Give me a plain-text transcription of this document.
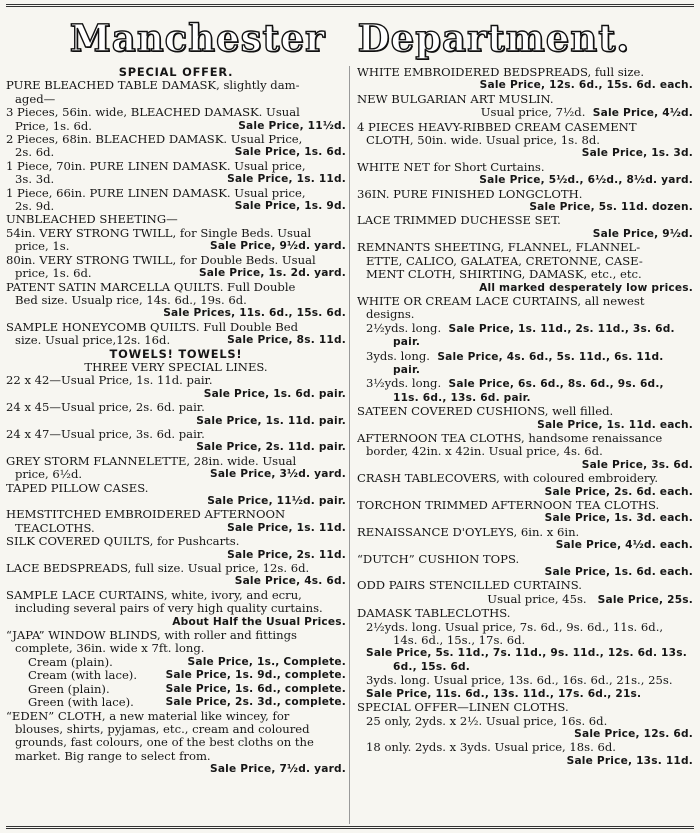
Manchester Department.
SPECIAL OFFER.
PURE BLEACHED TABLE DAMASK, slightly dam-
aged—
3 Pieces, 56in. wide, BLEACHED DAMASK. Usual
Price, 1s. 6d.	Sale Price, 11½d.
2 Pieces, 68in. BLEACHED DAMASK. Usual Price,
2s. 6d.	Sale Price, 1s. 6d.
1 Piece, 70in. PURE LINEN DAMASK. Usual price,
3s. 3d.	Sale Price, 1s. 11d.
1 Piece, 66in. PURE LINEN DAMASK. Usual price,
2s. 9d.	Sale Price, 1s. 9d.
UNBLEACHED SHEETING—
54in. VERY STRONG TWILL, for Single Beds. Usual
price, 1s.	Sale Price, 9½d. yard.
80in. VERY STRONG TWILL, for Double Beds. Usual
price, 1s. 6d.	Sale Price, 1s. 2d. yard.
PATENT SATIN MARCELLA QUILTS. Full Double
Bed size. Usualp rice, 14s. 6d., 19s. 6d.
Sale Prices, 11s. 6d., 15s. 6d.
SAMPLE HONEYCOMB QUILTS. Full Double Bed
size. Usual price,12s. 16d.	Sale Price, 8s. 11d.
TOWELS! TOWELS!
THREE VERY SPECIAL LINES.
22 x 42—Usual Price, 1s. 11d. pair.
Sale Price, 1s. 6d. pair.
24 x 45—Usual price, 2s. 6d. pair.
Sale Price, 1s. 11d. pair.
24 x 47—Usual price, 3s. 6d. pair.
Sale Price, 2s. 11d. pair.
GREY STORM FLANNELETTE, 28in. wide. Usual
price, 6½d.	Sale Price, 3½d. yard.
TAPED PILLOW CASES.
Sale Price, 11½d. pair.
HEMSTITCHED EMBROIDERED AFTERNOON
TEACLOTHS.	Sale Price, 1s. 11d.
SILK COVERED QUILTS, for Pushcarts.
Sale Price, 2s. 11d.
LACE BEDSPREADS, full size. Usual price, 12s. 6d.
Sale Price, 4s. 6d.
SAMPLE LACE CURTAINS, white, ivory, and ecru,
including several pairs of very high quality curtains.
About Half the Usual Prices.
“JAPA” WINDOW BLINDS, with roller and fittings
complete, 36in. wide x 7ft. long.
Cream (plain).	Sale Price, 1s., Complete.
Cream (with lace).	Sale Price, 1s. 9d., complete.
Green (plain).	Sale Price, 1s. 6d., complete.
Green (with lace).	Sale Price, 2s. 3d., complete.
“EDEN” CLOTH, a new material like wincey, for
blouses, shirts, pyjamas, etc., cream and coloured
grounds, fast colours, one of the best cloths on the
market. Big range to select from.
Sale Price, 7½d. yard.
WHITE EMBROIDERED BEDSPREADS, full size.
Sale Price, 12s. 6d., 15s. 6d. each.
NEW BULGARIAN ART MUSLIN.
Usual price, 7½d. Sale Price, 4½d.
4 PIECES HEAVY-RIBBED CREAM CASEMENT
CLOTH, 50in. wide. Usual price, 1s. 8d.
Sale Price, 1s. 3d.
WHITE NET for Short Curtains.
Sale Price, 5½d., 6½d., 8½d. yard.
36IN. PURE FINISHED LONGCLOTH.
Sale Price, 5s. 11d. dozen.
LACE TRIMMED DUCHESSE SET.
Sale Price, 9½d.
REMNANTS SHEETING, FLANNEL, FLANNEL-
ETTE, CALICO, GALATEA, CRETONNE, CASE-
MENT CLOTH, SHIRTING, DAMASK, etc., etc.
All marked desperately low prices.
WHITE OR CREAM LACE CURTAINS, all newest
designs.
2½yds. long. Sale Price, 1s. 11d., 2s. 11d., 3s. 6d.
pair.
3yds. long. Sale Price, 4s. 6d., 5s. 11d., 6s. 11d.
pair.
3½yds. long. Sale Price, 6s. 6d., 8s. 6d., 9s. 6d.,
11s. 6d., 13s. 6d. pair.
SATEEN COVERED CUSHIONS, well filled.
Sale Price, 1s. 11d. each.
AFTERNOON TEA CLOTHS, handsome renaissance
border, 42in. x 42in. Usual price, 4s. 6d.
Sale Price, 3s. 6d.
CRASH TABLECOVERS, with coloured embroidery.
Sale Price, 2s. 6d. each.
TORCHON TRIMMED AFTERNOON TEA CLOTHS.
Sale Price, 1s. 3d. each.
RENAISSANCE D'OYLEYS, 6in. x 6in.
Sale Price, 4½d. each.
“DUTCH” CUSHION TOPS.
Sale Price, 1s. 6d. each.
ODD PAIRS STENCILLED CURTAINS.
Usual price, 45s. Sale Price, 25s.
DAMASK TABLECLOTHS.
2½yds. long. Usual price, 7s. 6d., 9s. 6d., 11s. 6d.,
14s. 6d., 15s., 17s. 6d.
Sale Price, 5s. 11d., 7s. 11d., 9s. 11d., 12s. 6d. 13s.
6d., 15s. 6d.
3yds. long. Usual price, 13s. 6d., 16s. 6d., 21s., 25s.
Sale Price, 11s. 6d., 13s. 11d., 17s. 6d., 21s.
SPECIAL OFFER—LINEN CLOTHS.
25 only, 2yds. x 2½. Usual price, 16s. 6d.
Sale Price, 12s. 6d.
18 only. 2yds. x 3yds. Usual price, 18s. 6d.
Sale Price, 13s. 11d.
